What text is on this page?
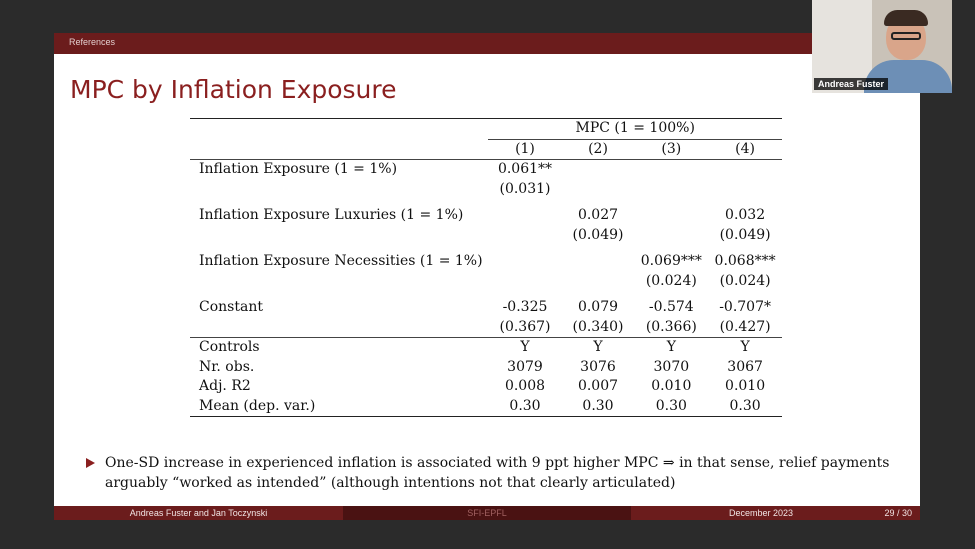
References
MPC by Inflation Exposure
	MPC (1 = 100%)			
	(1)	(2)	(3)	(4)
Inflation Exposure (1 = 1%)	0.061**			
	(0.031)			

Inflation Exposure Luxuries (1 = 1%)		0.027		0.032
		(0.049)		(0.049)

Inflation Exposure Necessities (1 = 1%)			0.069***	0.068***
			(0.024)	(0.024)

Constant	-0.325	0.079	-0.574	-0.707*
	(0.367)	(0.340)	(0.366)	(0.427)
Controls	Y	Y	Y	Y
Nr. obs.	3079	3076	3070	3067
Adj. R2	0.008	0.007	0.010	0.010
Mean (dep. var.)	0.30	0.30	0.30	0.30
One-SD increase in experienced inflation is associated with 9 ppt higher MPC ⇒ in that sense, relief payments arguably “worked as intended” (although intentions not that clearly articulated)
Andreas Fuster and Jan Toczynski	SFI-EPFL	December 2023	29 / 30
Andreas Fuster
